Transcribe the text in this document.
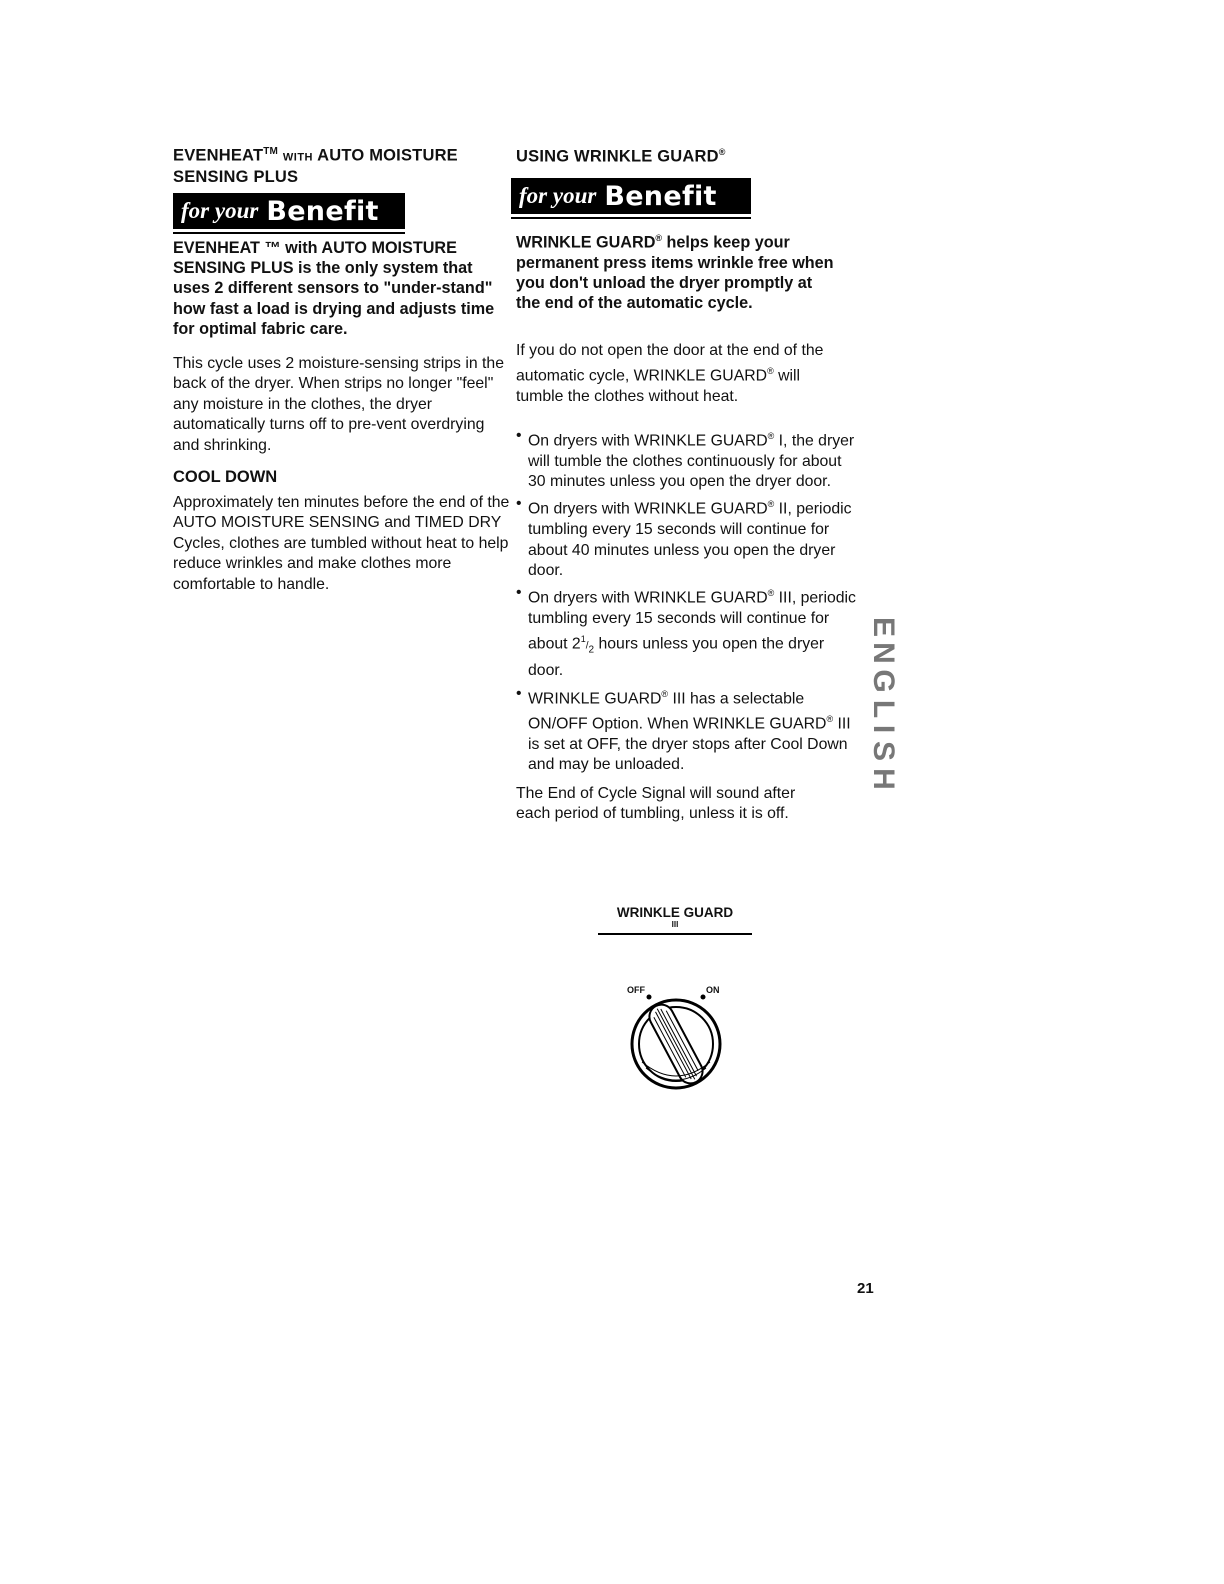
EVENHEAT™ WITH AUTO MOISTURE
SENSING PLUS
for your Benefit
EVENHEAT ™ with AUTO MOISTURE SENSING PLUS is the only system that uses 2 different sensors to "under-stand" how fast a load is drying and adjusts time for optimal fabric care.
This cycle uses 2 moisture-sensing strips in the back of the dryer. When strips no longer "feel" any moisture in the clothes, the dryer automatically turns off to pre-vent overdrying and shrinking.
COOL DOWN
Approximately ten minutes before the end of the AUTO MOISTURE SENSING and TIMED DRY Cycles, clothes are tumbled without heat to help reduce wrinkles and make clothes more comfortable to handle.
USING WRINKLE GUARD®
for your Benefit
WRINKLE GUARD® helps keep your permanent press items wrinkle free when you don't unload the dryer promptly at the end of the automatic cycle.
If you do not open the door at the end of the automatic cycle, WRINKLE GUARD® will tumble the clothes without heat.
• On dryers with WRINKLE GUARD® I, the dryer will tumble the clothes continuously for about 30 minutes unless you open the dryer door.
• On dryers with WRINKLE GUARD® II, periodic tumbling every 15 seconds will continue for about 40 minutes unless you open the dryer door.
• On dryers with WRINKLE GUARD® III, periodic tumbling every 15 seconds will continue for about $2^1/_2$ hours unless you open the dryer door.
• WRINKLE GUARD® III has a selectable ON/OFF Option. When WRINKLE GUARD® III is set at OFF, the dryer stops after Cool Down and may be unloaded.
The End of Cycle Signal will sound after each period of tumbling, unless it is off.
E
N
G
L
I
S
H
WRINKLE GUARD
III
OFF	ON
21
